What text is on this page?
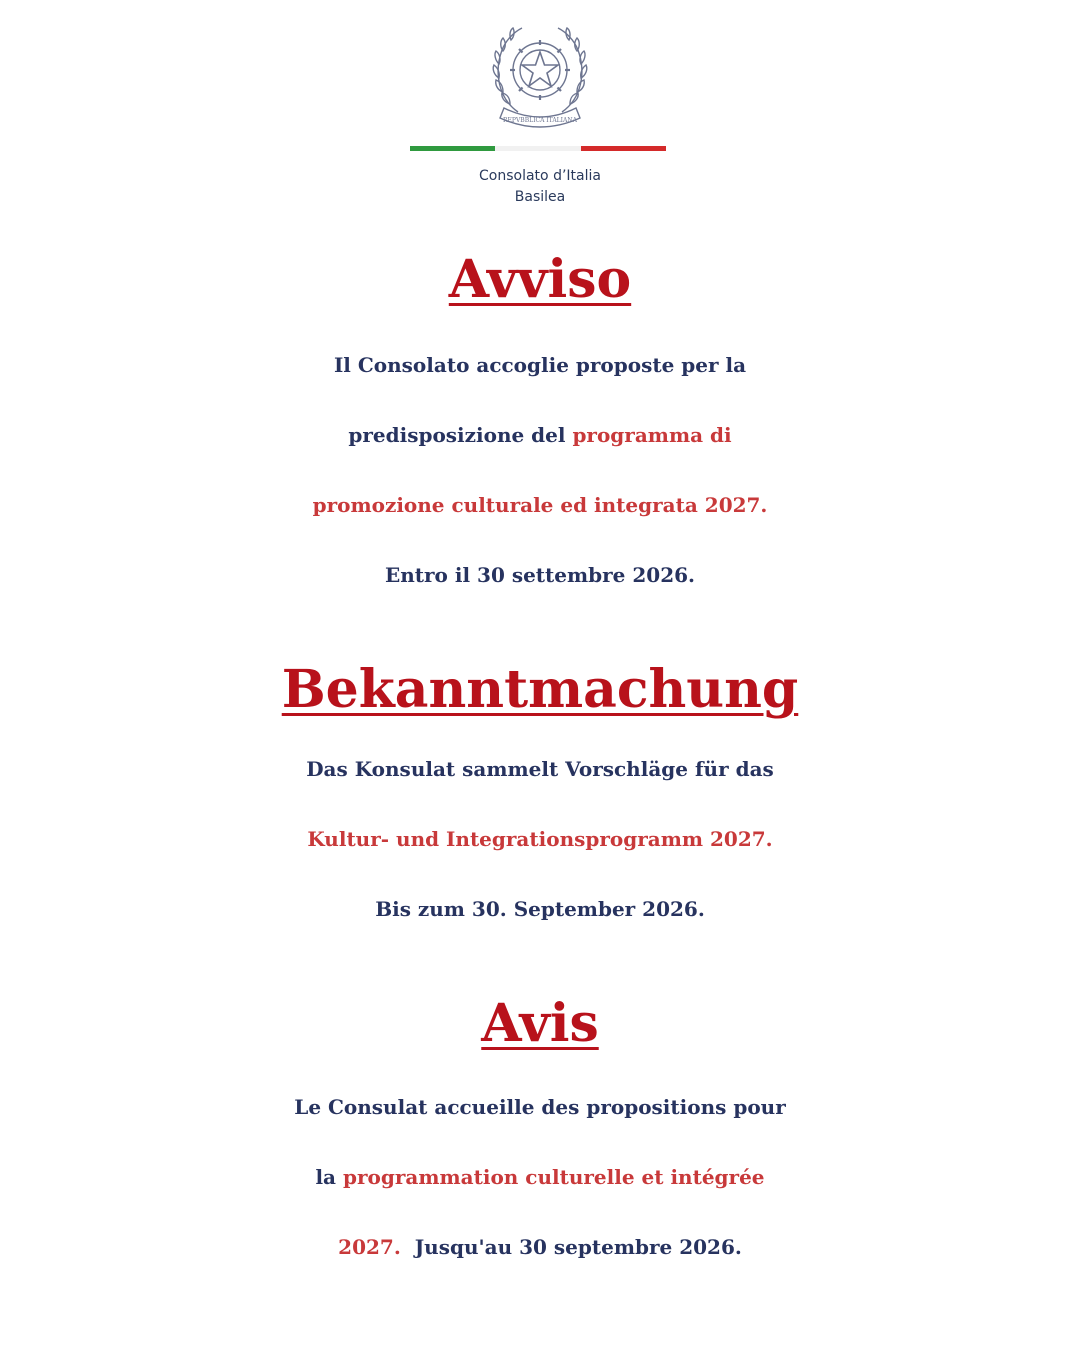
REPVBBLICA ITALIANA
Consolato d’Italia
Basilea
Avviso

Il Consolato accoglie proposte per la
predisposizione del programma di
promozione culturale ed integrata 2027.
Entro il 30 settembre 2026.

Bekanntmachung

Das Konsulat sammelt Vorschläge für das
Kultur- und Integrationsprogramm 2027.
Bis zum 30. September 2026.

Avis

Le Consulat accueille des propositions pour
la programmation culturelle et intégrée
2027.  Jusqu'au 30 septembre 2026.
